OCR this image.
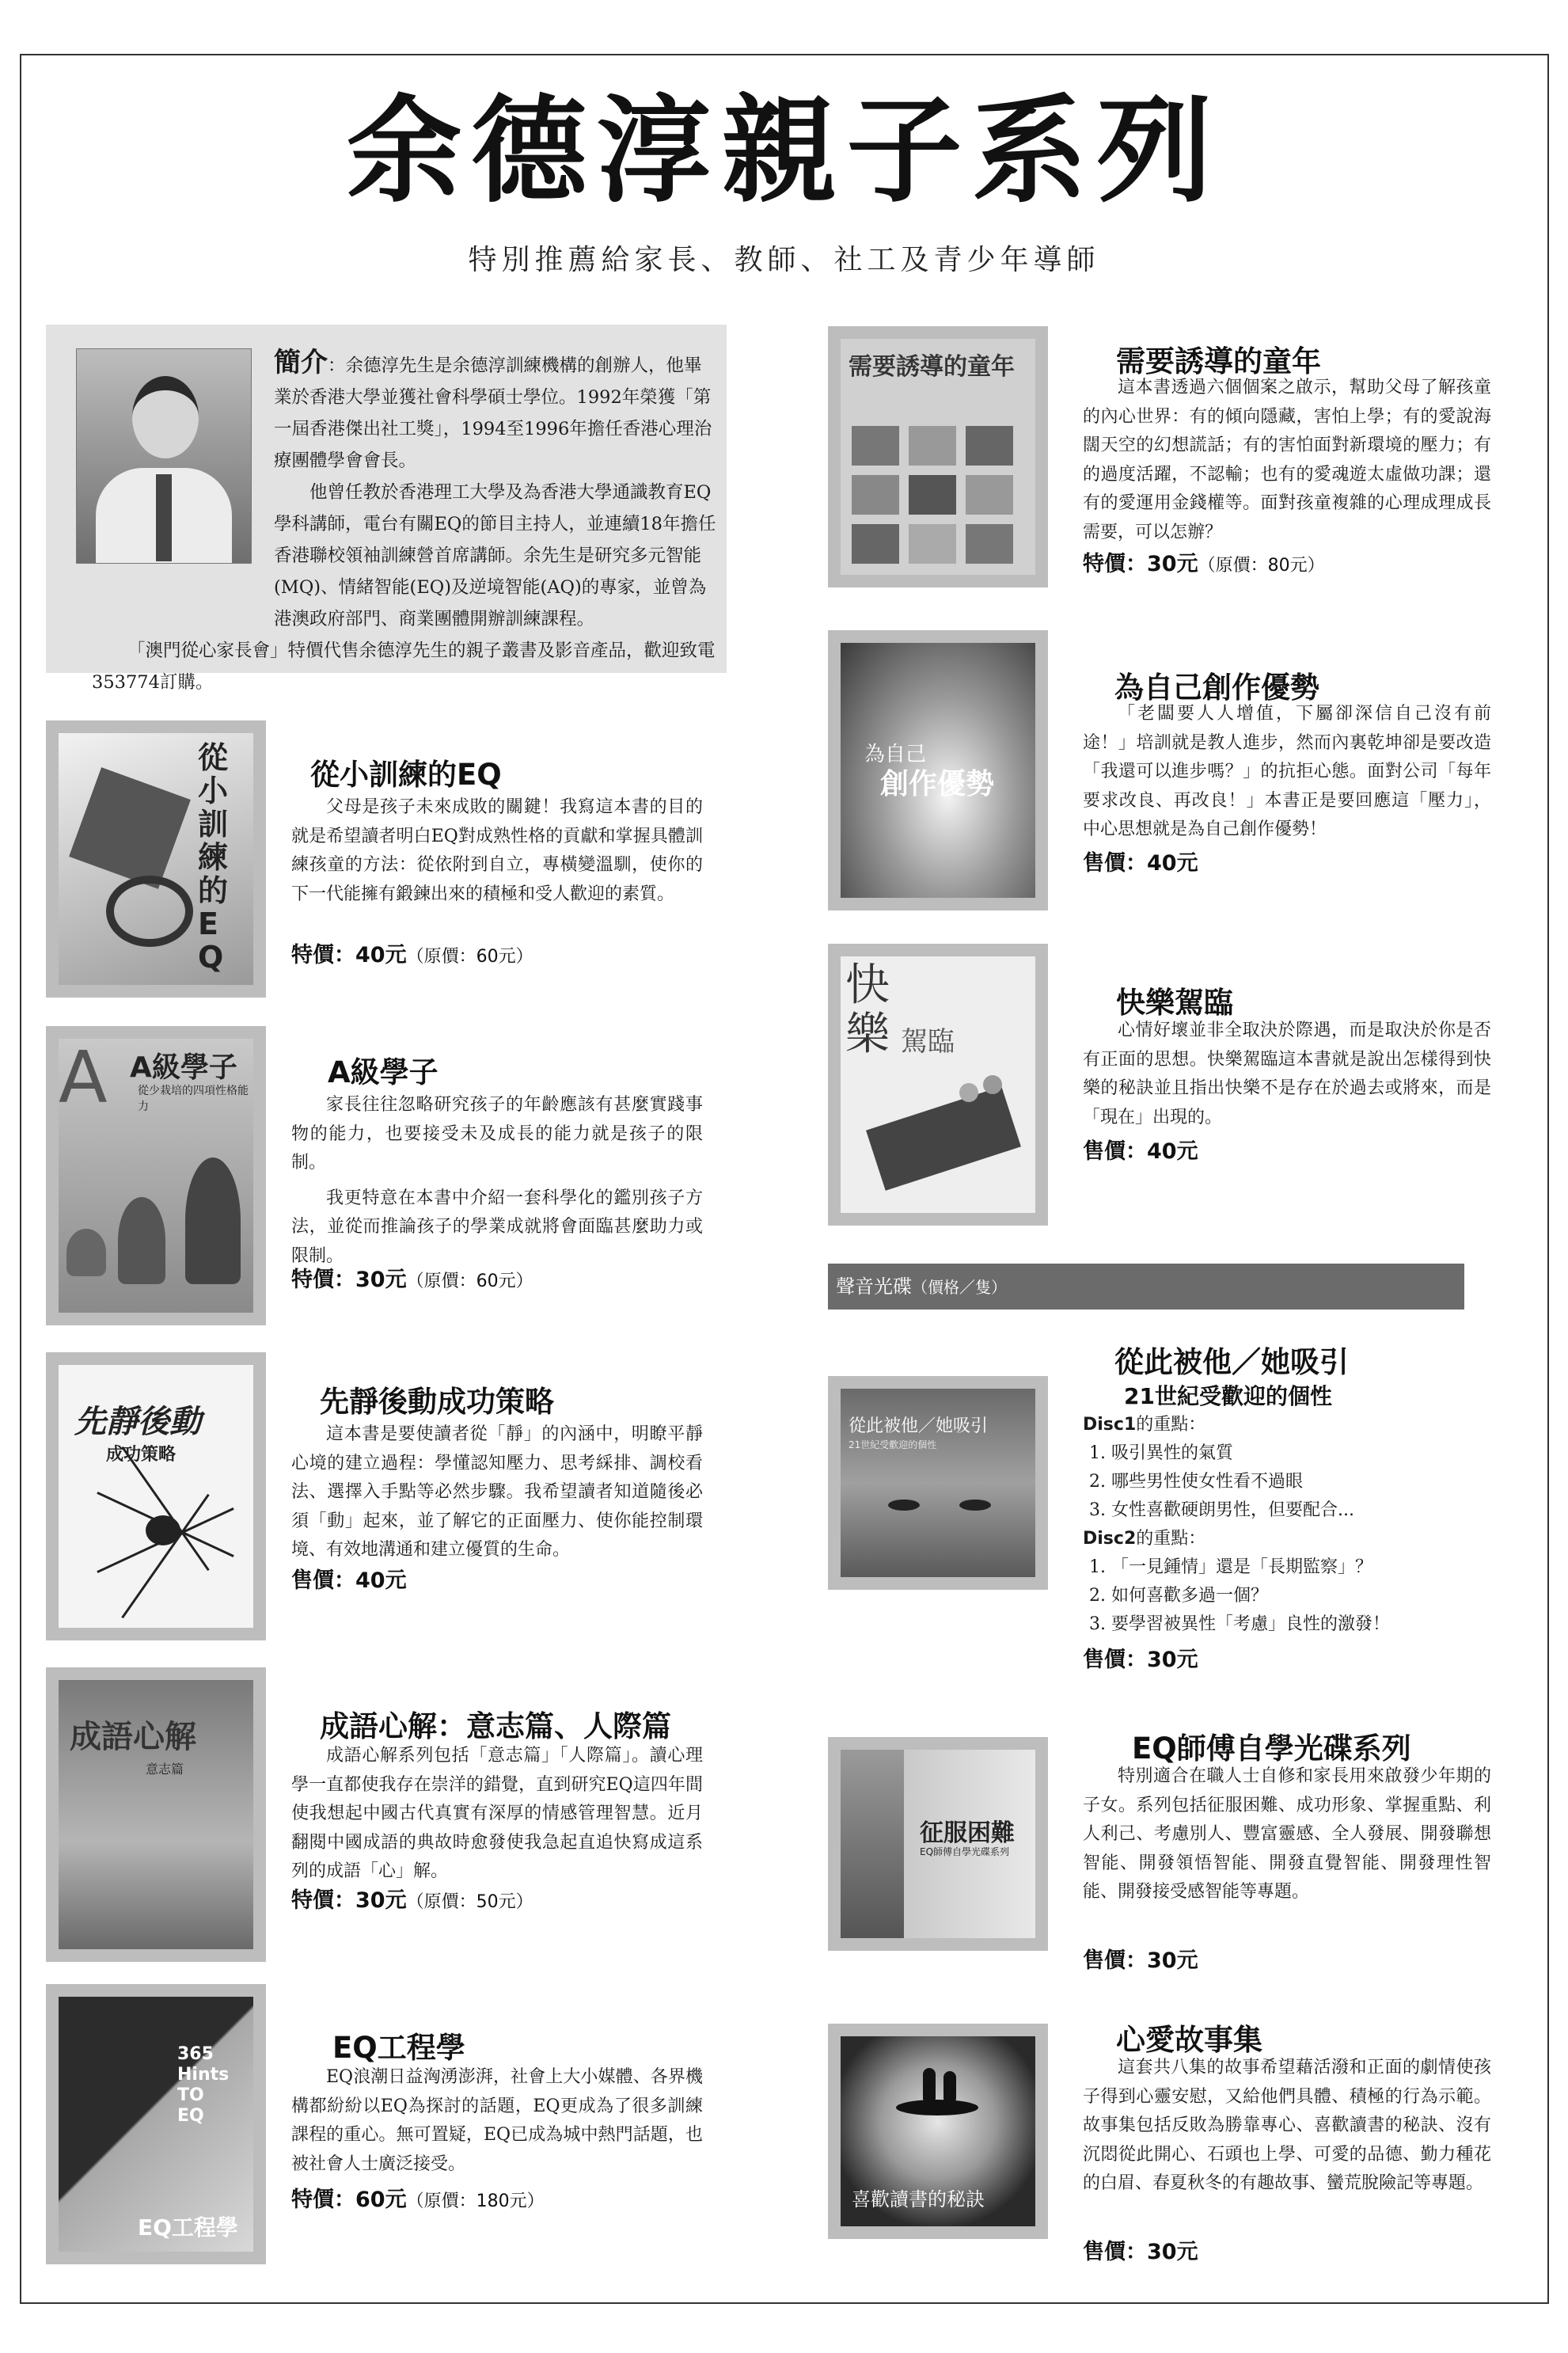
余德淳親子系列
特別推薦給家長、教師、社工及青少年導師

簡介：余德淳先生是余德淳訓練機構的創辦人，他畢業於香港大學並獲社會科學碩士學位。1992年榮獲「第一屆香港傑出社工獎」，1994至1996年擔任香港心理治療團體學會會長。

他曾任教於香港理工大學及為香港大學通識教育EQ學科講師，電台有關EQ的節目主持人，並連續18年擔任香港聯校領袖訓練營首席講師。余先生是研究多元智能(MQ)、情緒智能(EQ)及逆境智能(AQ)的專家，並曾為港澳政府部門、商業團體開辦訓練課程。

「澳門從心家長會」特價代售余德淳先生的親子叢書及影音產品，歡迎致電353774訂購。

從小訓練的EQ
從小訓練的EQ

父母是孩子未來成敗的關鍵！我寫這本書的目的就是希望讀者明白EQ對成熟性格的貢獻和掌握具體訓練孩童的方法：從依附到自立，專橫變溫馴，使你的下一代能擁有鍛鍊出來的積極和受人歡迎的素質。

特價：40元（原價：60元）
A A級學子
從少栽培的四項性格能力
A級學子

家長往往忽略研究孩子的年齡應該有甚麼實踐事物的能力，也要接受未及成長的能力就是孩子的限制。

我更特意在本書中介紹一套科學化的鑑別孩子方法，並從而推論孩子的學業成就將會面臨甚麼助力或限制。

特價：30元（原價：60元）
先靜後動
成功策略
先靜後動成功策略

這本書是要使讀者從「靜」的內涵中，明瞭平靜心境的建立過程：學懂認知壓力、思考綵排、調校看法、選擇入手點等必然步驟。我希望讀者知道隨後必須「動」起來，並了解它的正面壓力、使你能控制環境、有效地溝通和建立優質的生命。

售價：40元
成語心解
意志篇
成語心解：意志篇、人際篇

成語心解系列包括「意志篇」「人際篇」。讀心理學一直都使我存在崇洋的錯覺，直到研究EQ這四年間使我想起中國古代真實有深厚的情感管理智慧。近月翻閱中國成語的典故時愈發使我急起直追快寫成這系列的成語「心」解。

特價：30元（原價：50元）
365 Hints TO EQ
EQ工程學
EQ工程學

EQ浪潮日益洶湧澎湃，社會上大小媒體、各界機構都紛紛以EQ為探討的話題，EQ更成為了很多訓練課程的重心。無可置疑，EQ已成為城中熱門話題，也被社會人士廣泛接受。

特價：60元（原價：180元）
需要誘導的童年	需要誘導的童年

這本書透過六個個案之啟示，幫助父母了解孩童的內心世界：有的傾向隱藏，害怕上學；有的愛說海闊天空的幻想謊話；有的害怕面對新環境的壓力；有的過度活躍，不認輸；也有的愛魂遊太虛做功課；還有的愛運用金錢權等。面對孩童複雜的心理成理成長需要，可以怎辦？

特價：30元（原價：80元）
為自己
創作優勢
為自己創作優勢

「老闆要人人增值，下屬卻深信自己沒有前途！」培訓就是教人進步，然而內裏乾坤卻是要改造「我還可以進步嗎？」的抗拒心態。面對公司「每年要求改良、再改良！」本書正是要回應這「壓力」，中心思想就是為自己創作優勢！

售價：40元
快樂 駕臨
快樂駕臨

心情好壞並非全取決於際遇，而是取決於你是否有正面的思想。快樂駕臨這本書就是說出怎樣得到快樂的秘訣並且指出快樂不是存在於過去或將來，而是「現在」出現的。

售價：40元
聲音光碟（價格／隻）
從此被他／她吸引
21世紀受歡迎的個性
從此被他／她吸引
21世紀受歡迎的個性
Disc1的重點：
1. 吸引異性的氣質
2. 哪些男性使女性看不過眼
3. 女性喜歡硬朗男性，但要配合...
Disc2的重點：
1. 「一見鍾情」還是「長期監察」？
2. 如何喜歡多過一個？
3. 要學習被異性「考慮」良性的激發！
售價：30元
征服困難
EQ師傅自學光碟系列
EQ師傅自學光碟系列

特別適合在職人士自修和家長用來啟發少年期的子女。系列包括征服困難、成功形象、掌握重點、利人利己、考慮別人、豐富靈感、全人發展、開發聯想智能、開發領悟智能、開發直覺智能、開發理性智能、開發接受感智能等專題。

售價：30元
喜歡讀書的秘訣
心愛故事集

這套共八集的故事希望藉活潑和正面的劇情使孩子得到心靈安慰，又給他們具體、積極的行為示範。故事集包括反敗為勝靠專心、喜歡讀書的秘訣、沒有沉悶從此開心、石頭也上學、可愛的品德、勤力種花的白眉、春夏秋冬的有趣故事、蠻荒脫險記等專題。

售價：30元
